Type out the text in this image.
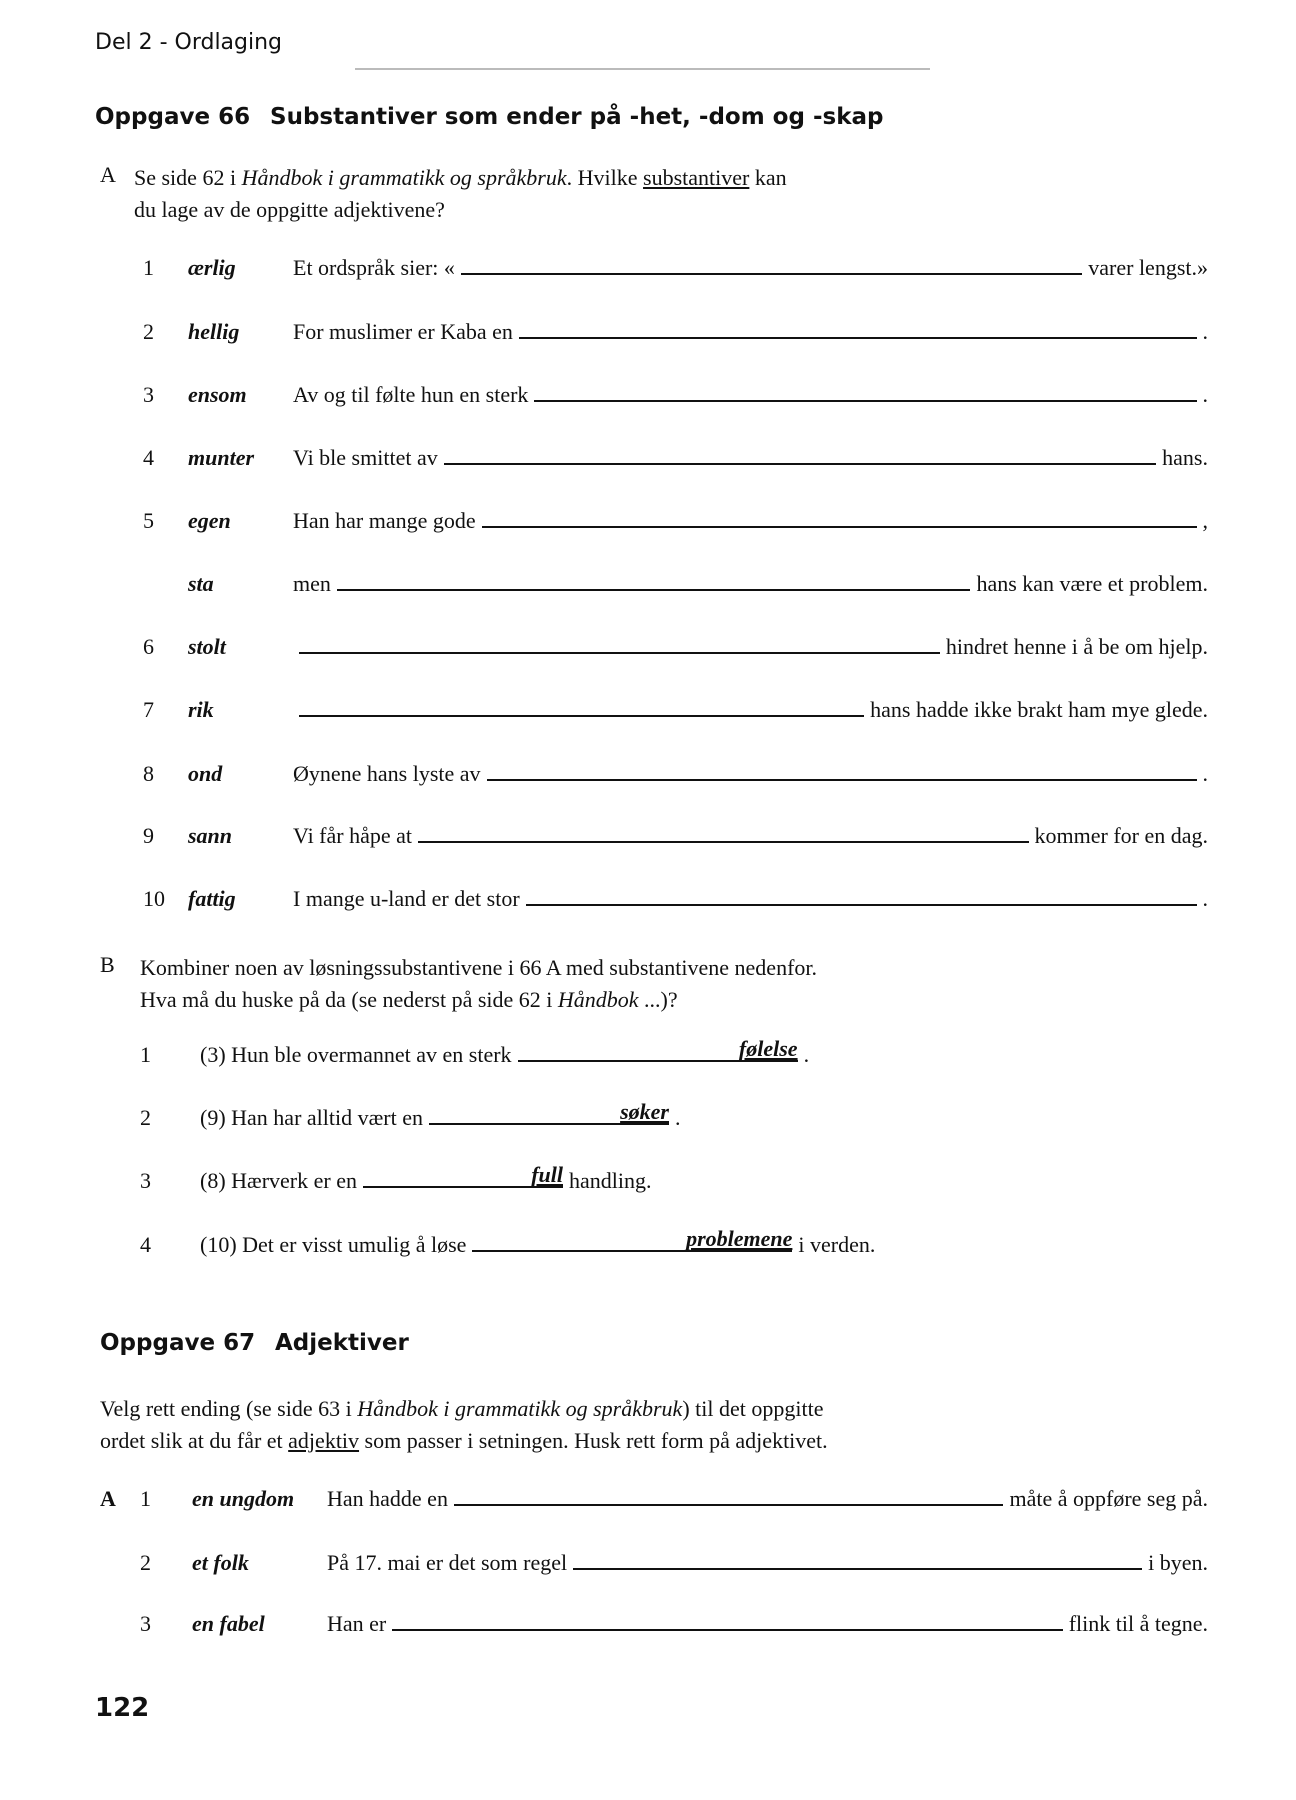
Del 2 - Ordlaging
Oppgave 66 Substantiver som ender på -het, -dom og -skap
A Se side 62 i Håndbok i grammatikk og språkbruk. Hvilke substantiver kan
du lage av de oppgitte adjektivene?
1	ærlig	Et ordspråk sier: «	varer lengst.»
2	hellig	For muslimer er Kaba en	.
3	ensom	Av og til følte hun en sterk	.
4	munter	Vi ble smittet av	hans.
5	egen	Han har mange gode	,
sta	men	hans kan være et problem.
6	stolt	hindret henne i å be om hjelp.
7	rik	hans hadde ikke brakt ham mye glede.
8	ond	Øynene hans lyste av	.
9	sann	Vi får håpe at	kommer for en dag.
10	fattig	I mange u-land er det stor	.
B Kombiner noen av løsningssubstantivene i 66 A med substantivene nedenfor.
Hva må du huske på da (se nederst på side 62 i Håndbok ...)?
1	(3) Hun ble overmannet av en sterk	følelse .
2	(9) Han har alltid vært en	søker .
3	(8) Hærverk er en	full handling.
4	(10) Det er visst umulig å løse	problemene i verden.
Oppgave 67 Adjektiver
Velg rett ending (se side 63 i Håndbok i grammatikk og språkbruk) til det oppgitte
ordet slik at du får et adjektiv som passer i setningen. Husk rett form på adjektivet.
A 1	en ungdom	Han hadde en	måte å oppføre seg på.
2	et folk	På 17. mai er det som regel	i byen.
3	en fabel	Han er	flink til å tegne.
122
